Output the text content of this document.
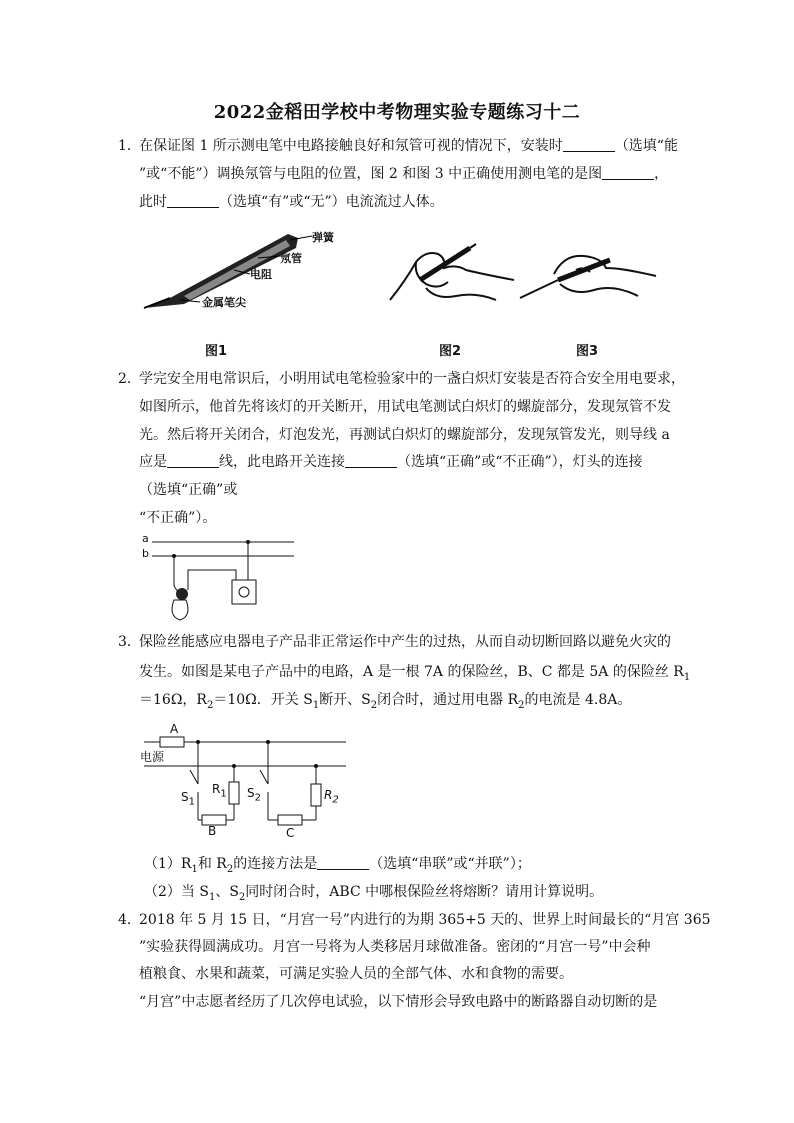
2022金稻田学校中考物理实验专题练习十二
1．
在保证图 1 所示测电笔中电路接触良好和氖管可视的情况下，安装时	（选填“能
”或“不能”）调换氖管与电阻的位置，图 2 和图 3 中正确使用测电笔的是图	，
此时	（选填“有”或“无”）电流流过人体。
弹簧
氖管
电阻
金属笔尖
图1	图2	图3
2．
学完安全用电常识后，小明用试电笔检验家中的一盏白炽灯安装是否符合安全用电要求，
如图所示，他首先将该灯的开关断开，用试电笔测试白炽灯的螺旋部分，发现氖管不发
光。然后将开关闭合，灯泡发光，再测试白炽灯的螺旋部分，发现氖管发光，则导线 a
应是	线，此电路开关连接	（选填“正确”或“不正确”），灯头的连接
（选填“正确”或
“不正确”）。
a
b
3．
保险丝能感应电器电子产品非正常运作中产生的过热，从而自动切断回路以避免火灾的
发生。如图是某电子产品中的电路，A 是一根 7A 的保险丝，B、C 都是 5A 的保险丝 $R_1$
＝16Ω，$R_2=10\Omega$．开关 $S_1$断开、$S_2$闭合时，通过用电器 $R_2$的电流是 4.8A。
A
电源
$S_1$
$R_1$ $S_2$	$R_2$
B	C
$(1)R_1$和 $R_2$的连接方法是	（选填“串联”或“并联”）；
（2）当 $S_1$、$S_2$同时闭合时，ABC 中哪根保险丝将熔断？请用计算说明。
4．
2018 年 5 月 15 日，“月宫一号”内进行的为期 365+5 天的、世界上时间最长的“月宫 365
”实验获得圆满成功。月宫一号将为人类移居月球做准备。密闭的“月宫一号”中会种
植粮食、水果和蔬菜，可满足实验人员的全部气体、水和食物的需要。
“月宫”中志愿者经历了几次停电试验，以下情形会导致电路中的断路器自动切断的是
